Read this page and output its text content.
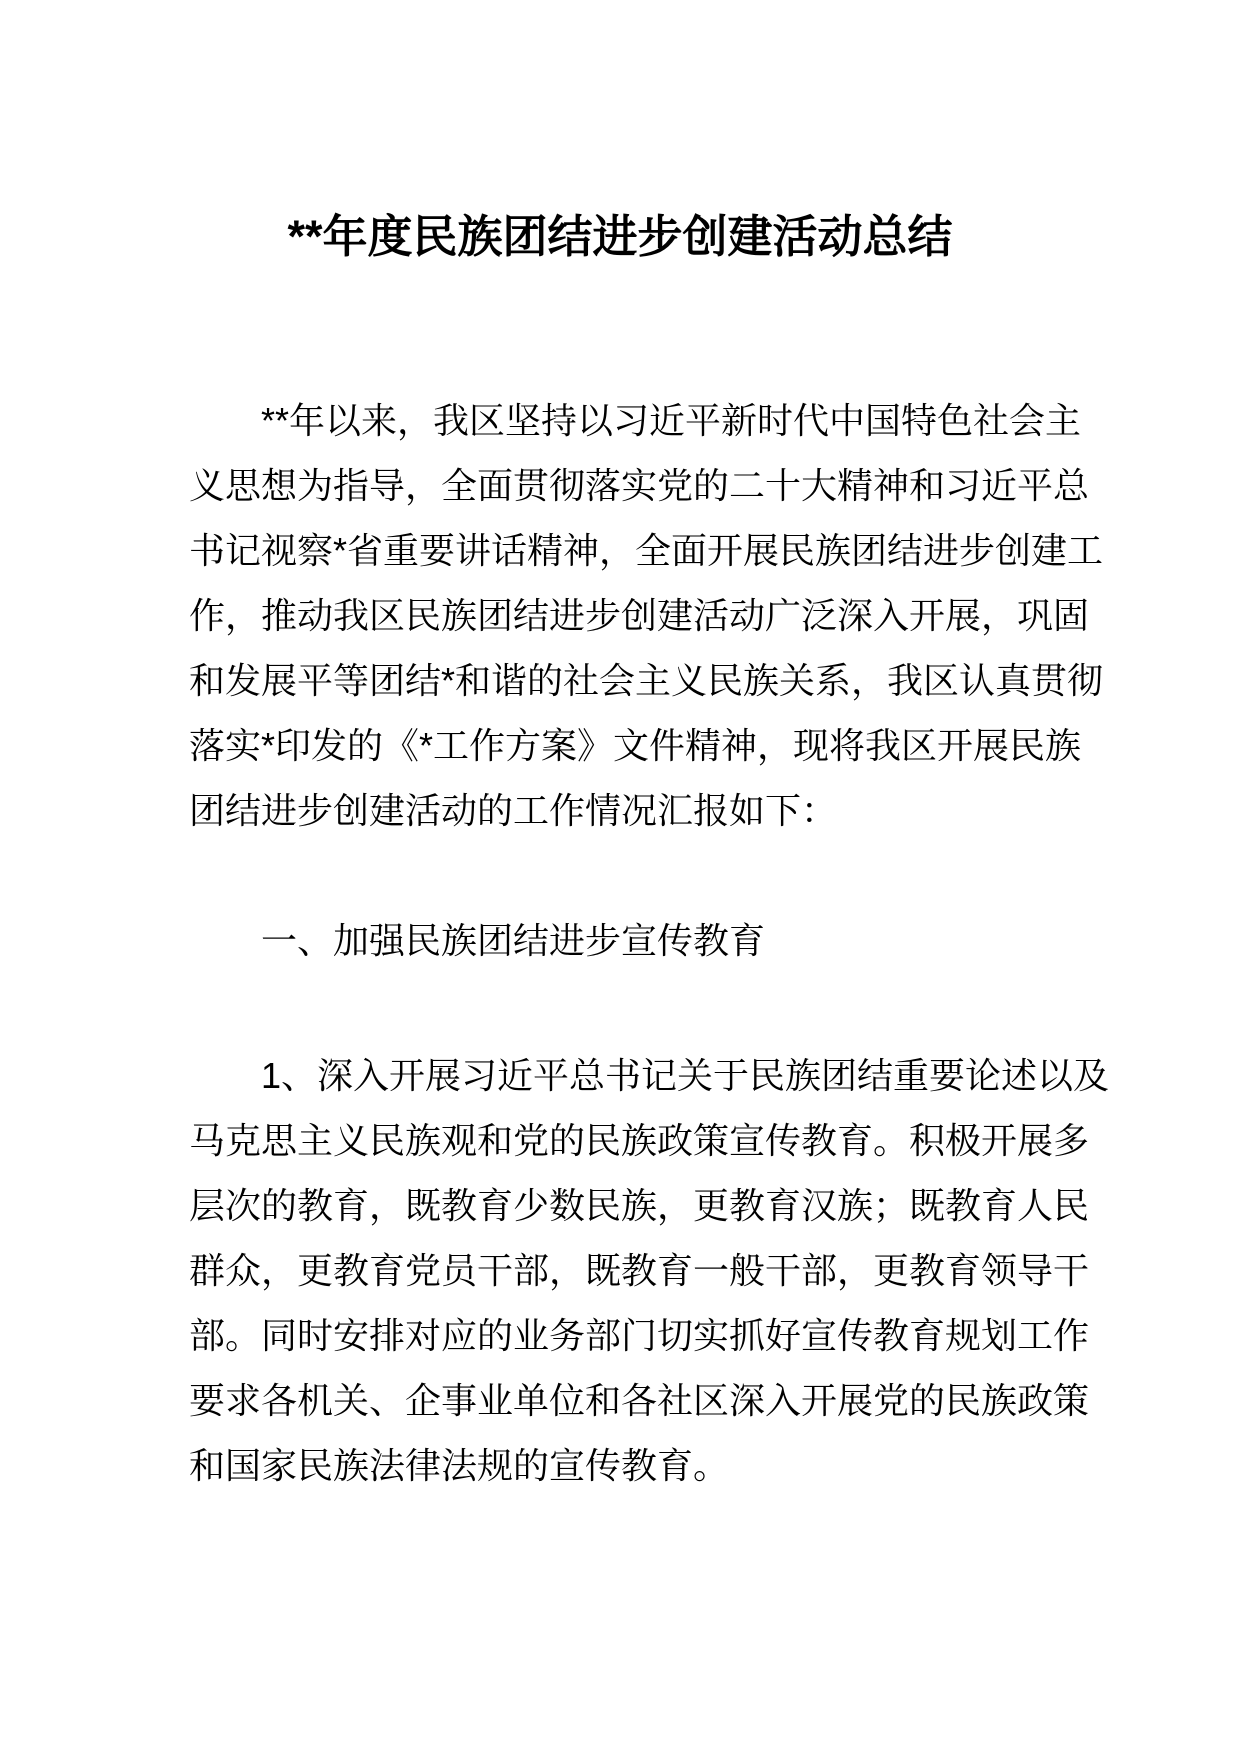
**年度民族团结进步创建活动总结
**年以来，我区坚持以习近平新时代中国特色社会主
义思想为指导，全面贯彻落实党的二十大精神和习近平总
书记视察*省重要讲话精神，全面开展民族团结进步创建工
作，推动我区民族团结进步创建活动广泛深入开展，巩固
和发展平等团结*和谐的社会主义民族关系，我区认真贯彻
落实*印发的《*工作方案》文件精神，现将我区开展民族
团结进步创建活动的工作情况汇报如下：
一、加强民族团结进步宣传教育
1、深入开展习近平总书记关于民族团结重要论述以及
马克思主义民族观和党的民族政策宣传教育。积极开展多
层次的教育，既教育少数民族，更教育汉族；既教育人民
群众，更教育党员干部，既教育一般干部，更教育领导干
部。同时安排对应的业务部门切实抓好宣传教育规划工作
要求各机关、企事业单位和各社区深入开展党的民族政策
和国家民族法律法规的宣传教育。
